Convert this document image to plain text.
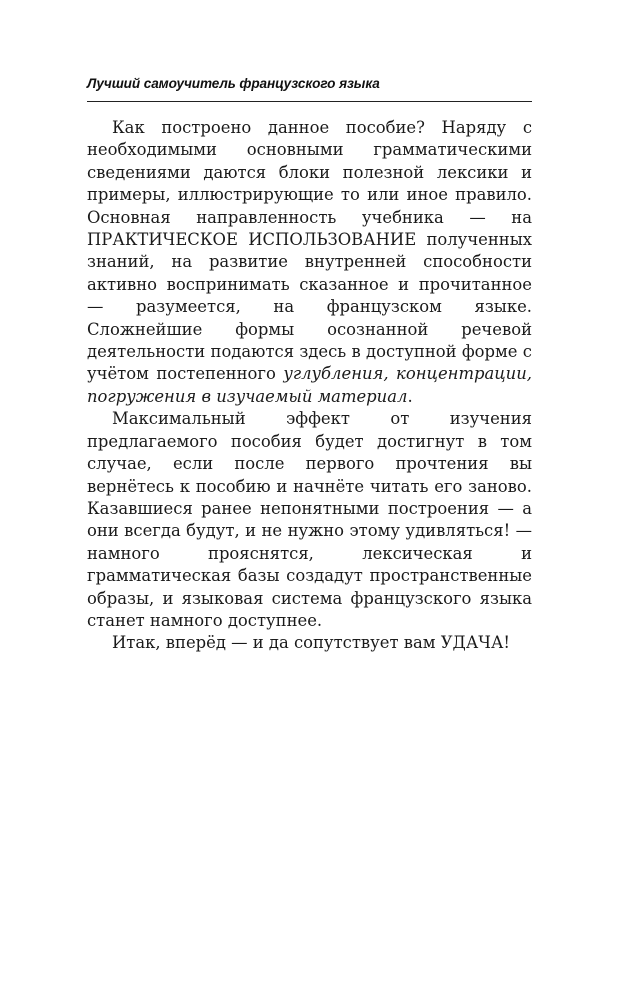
Лучший самоучитель французского языка

Как построено данное пособие? Наряду с необходимыми основными грамматическими сведениями даются блоки полезной лексики и примеры, иллюстрирующие то или иное правило. Основная направленность учебника — на ПРАКТИЧЕСКОЕ ИСПОЛЬЗОВАНИЕ полученных знаний, на развитие внутренней способности активно воспринимать сказанное и прочитанное — разумеется, на французском языке. Сложнейшие формы осознанной речевой деятельности подаются здесь в доступной форме с учётом постепенного углубления, концентрации, погружения в изучаемый материал.

Максимальный эффект от изучения предлагаемого пособия будет достигнут в том случае, если после первого прочтения вы вернётесь к пособию и начнёте читать его заново. Казавшиеся ранее непонятными построения — а они всегда будут, и не нужно этому удивляться! — намного прояснятся, лексическая и грамматическая базы создадут пространственные образы, и языковая система французского языка станет намного доступнее.

Итак, вперёд — и да сопутствует вам УДАЧА!
